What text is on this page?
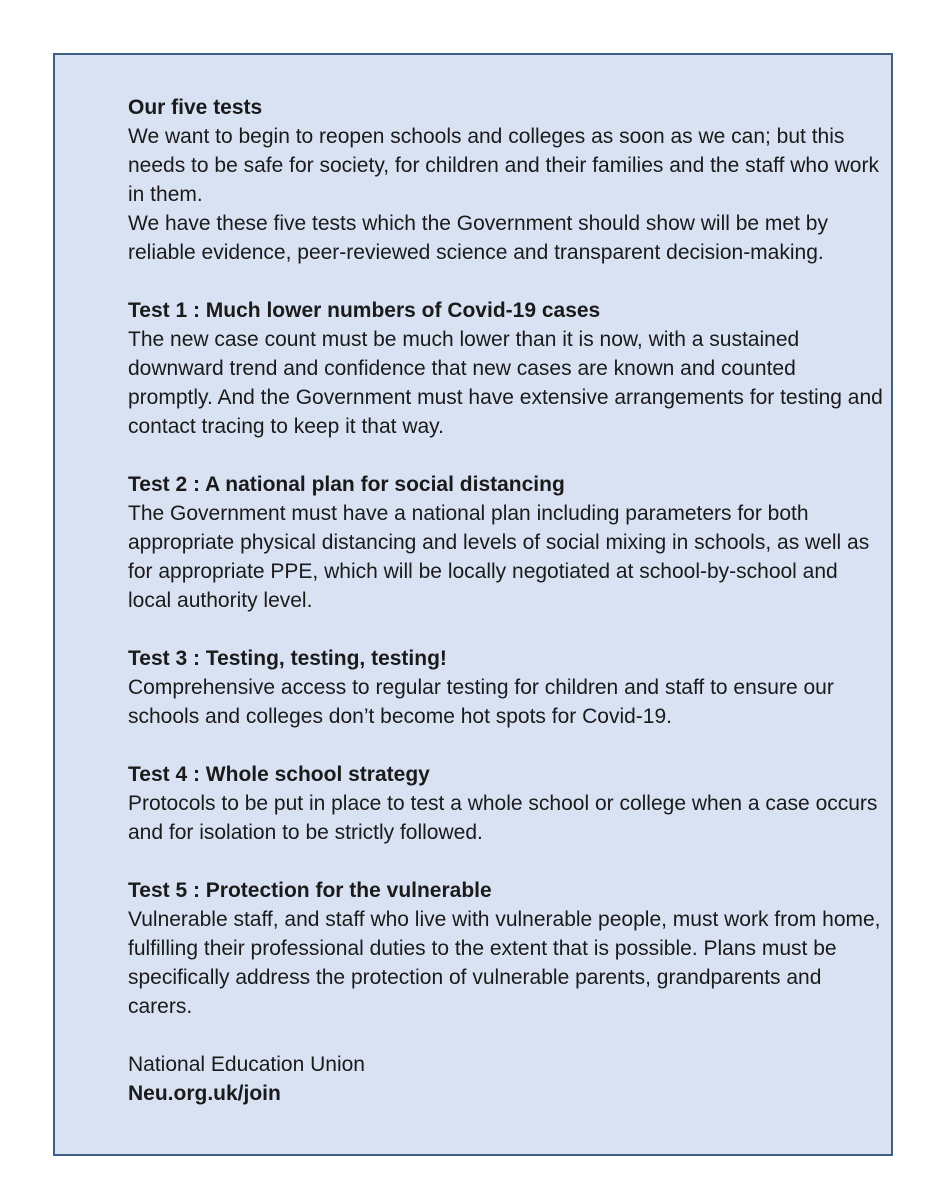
Our five tests

We want to begin to reopen schools and colleges as soon as we can; but this needs to be safe for society, for children and their families and the staff who work in them.

We have these five tests which the Government should show will be met by reliable evidence, peer-reviewed science and transparent decision-making.

Test 1 : Much lower numbers of Covid-19 cases

The new case count must be much lower than it is now, with a sustained downward trend and confidence that new cases are known and counted promptly. And the Government must have extensive arrangements for testing and contact tracing to keep it that way.

Test 2 : A national plan for social distancing

The Government must have a national plan including parameters for both appropriate physical distancing and levels of social mixing in schools, as well as for appropriate PPE, which will be locally negotiated at school-by-school and local authority level.

Test 3 : Testing, testing, testing!

Comprehensive access to regular testing for children and staff to ensure our schools and colleges don’t become hot spots for Covid-19.

Test 4 : Whole school strategy

Protocols to be put in place to test a whole school or college when a case occurs and for isolation to be strictly followed.

Test 5 : Protection for the vulnerable

Vulnerable staff, and staff who live with vulnerable people, must work from home, fulfilling their professional duties to the extent that is possible. Plans must be specifically address the protection of vulnerable parents, grandparents and carers.

National Education Union

Neu.org.uk/join
